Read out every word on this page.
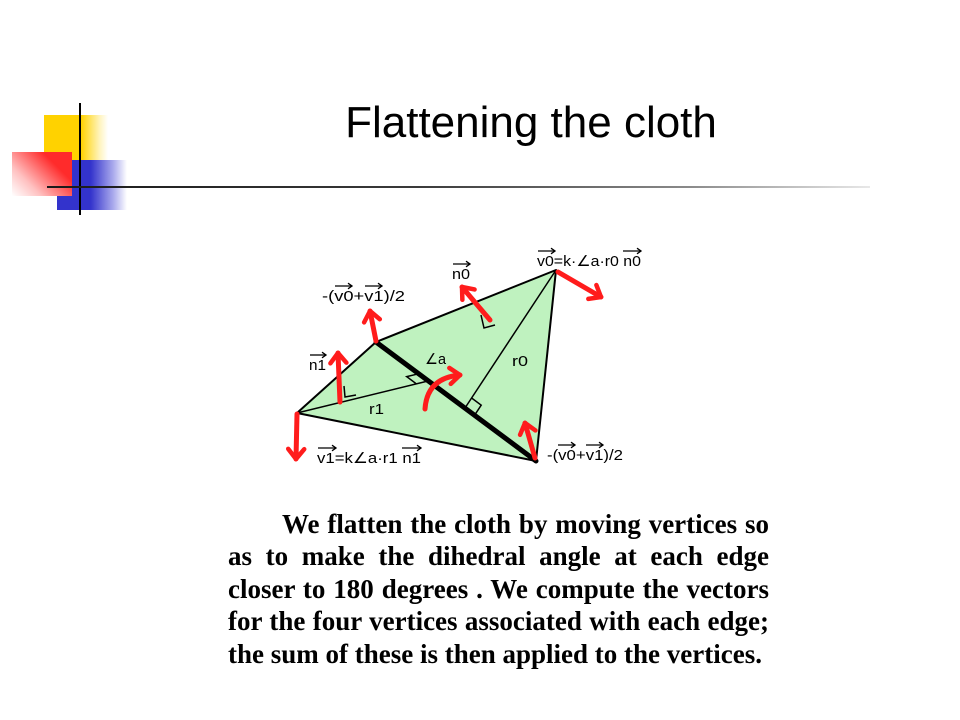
Flattening the cloth
n0
v0=k·∠a·r0 n0
-(v0+v1)/2
n1	∠a	r0
r1
v1=k∠a·r1 n1	-(v0+v1)/2

We flatten the cloth by moving vertices so as to make the dihedral angle at each edge closer to 180 degrees . We compute the vectors for the four vertices associated with each edge; the sum of these is then applied to the vertices.
